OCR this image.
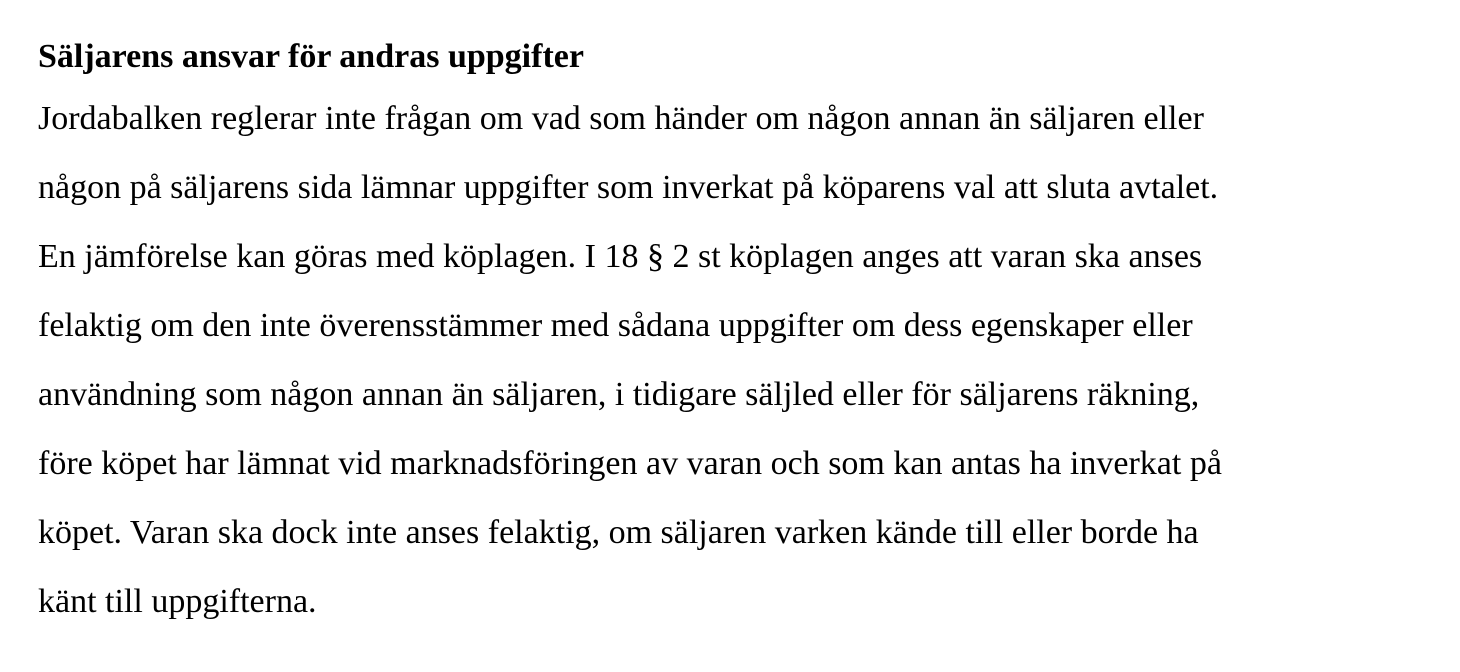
Säljarens ansvar för andras uppgifter

Jordabalken reglerar inte frågan om vad som händer om någon annan än säljaren eller

någon på säljarens sida lämnar uppgifter som inverkat på köparens val att sluta avtalet.

En jämförelse kan göras med köplagen. I 18 § 2 st köplagen anges att varan ska anses

felaktig om den inte överensstämmer med sådana uppgifter om dess egenskaper eller

användning som någon annan än säljaren, i tidigare säljled eller för säljarens räkning,

före köpet har lämnat vid marknadsföringen av varan och som kan antas ha inverkat på

köpet. Varan ska dock inte anses felaktig, om säljaren varken kände till eller borde ha

känt till uppgifterna.
